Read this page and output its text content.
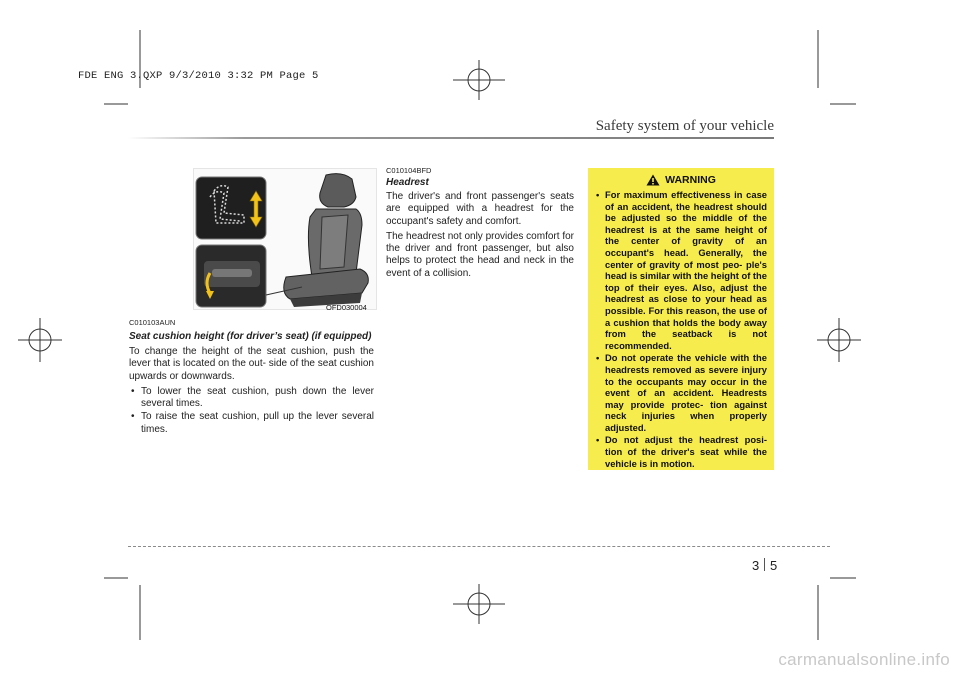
FDE ENG 3.QXP 9/3/2010 3:32 PM Page 5
Safety system of your vehicle
OFD030004
C010103AUN
Seat cushion height (for driver’s seat) (if equipped)
To change the height of the seat cushion, push the lever that is located on the out- side of the seat cushion upwards or downwards.
• To lower the seat cushion, push down the lever several times.
• To raise the seat cushion, pull up the lever several times.
C010104BFD
Headrest
The driver's and front passenger's seats are equipped with a headrest for the occupant's safety and comfort.
The headrest not only provides comfort for the driver and front passenger, but also helps to protect the head and neck in the event of a collision.
WARNING
• For maximum effectiveness in case of an accident, the headrest should be adjusted so the middle of the headrest is at the same height of the center of gravity of an occupant's head. Generally, the center of gravity of most peo- ple's head is similar with the height of the top of their eyes. Also, adjust the headrest as close to your head as possible. For this reason, the use of a cushion that holds the body away from the seatback is not recommended.
• Do not operate the vehicle with the headrests removed as severe injury to the occupants may occur in the event of an accident. Headrests may provide protec- tion against neck injuries when properly adjusted.
• Do not adjust the headrest posi- tion of the driver's seat while the vehicle is in motion.
3 5
carmanualsonline.info
